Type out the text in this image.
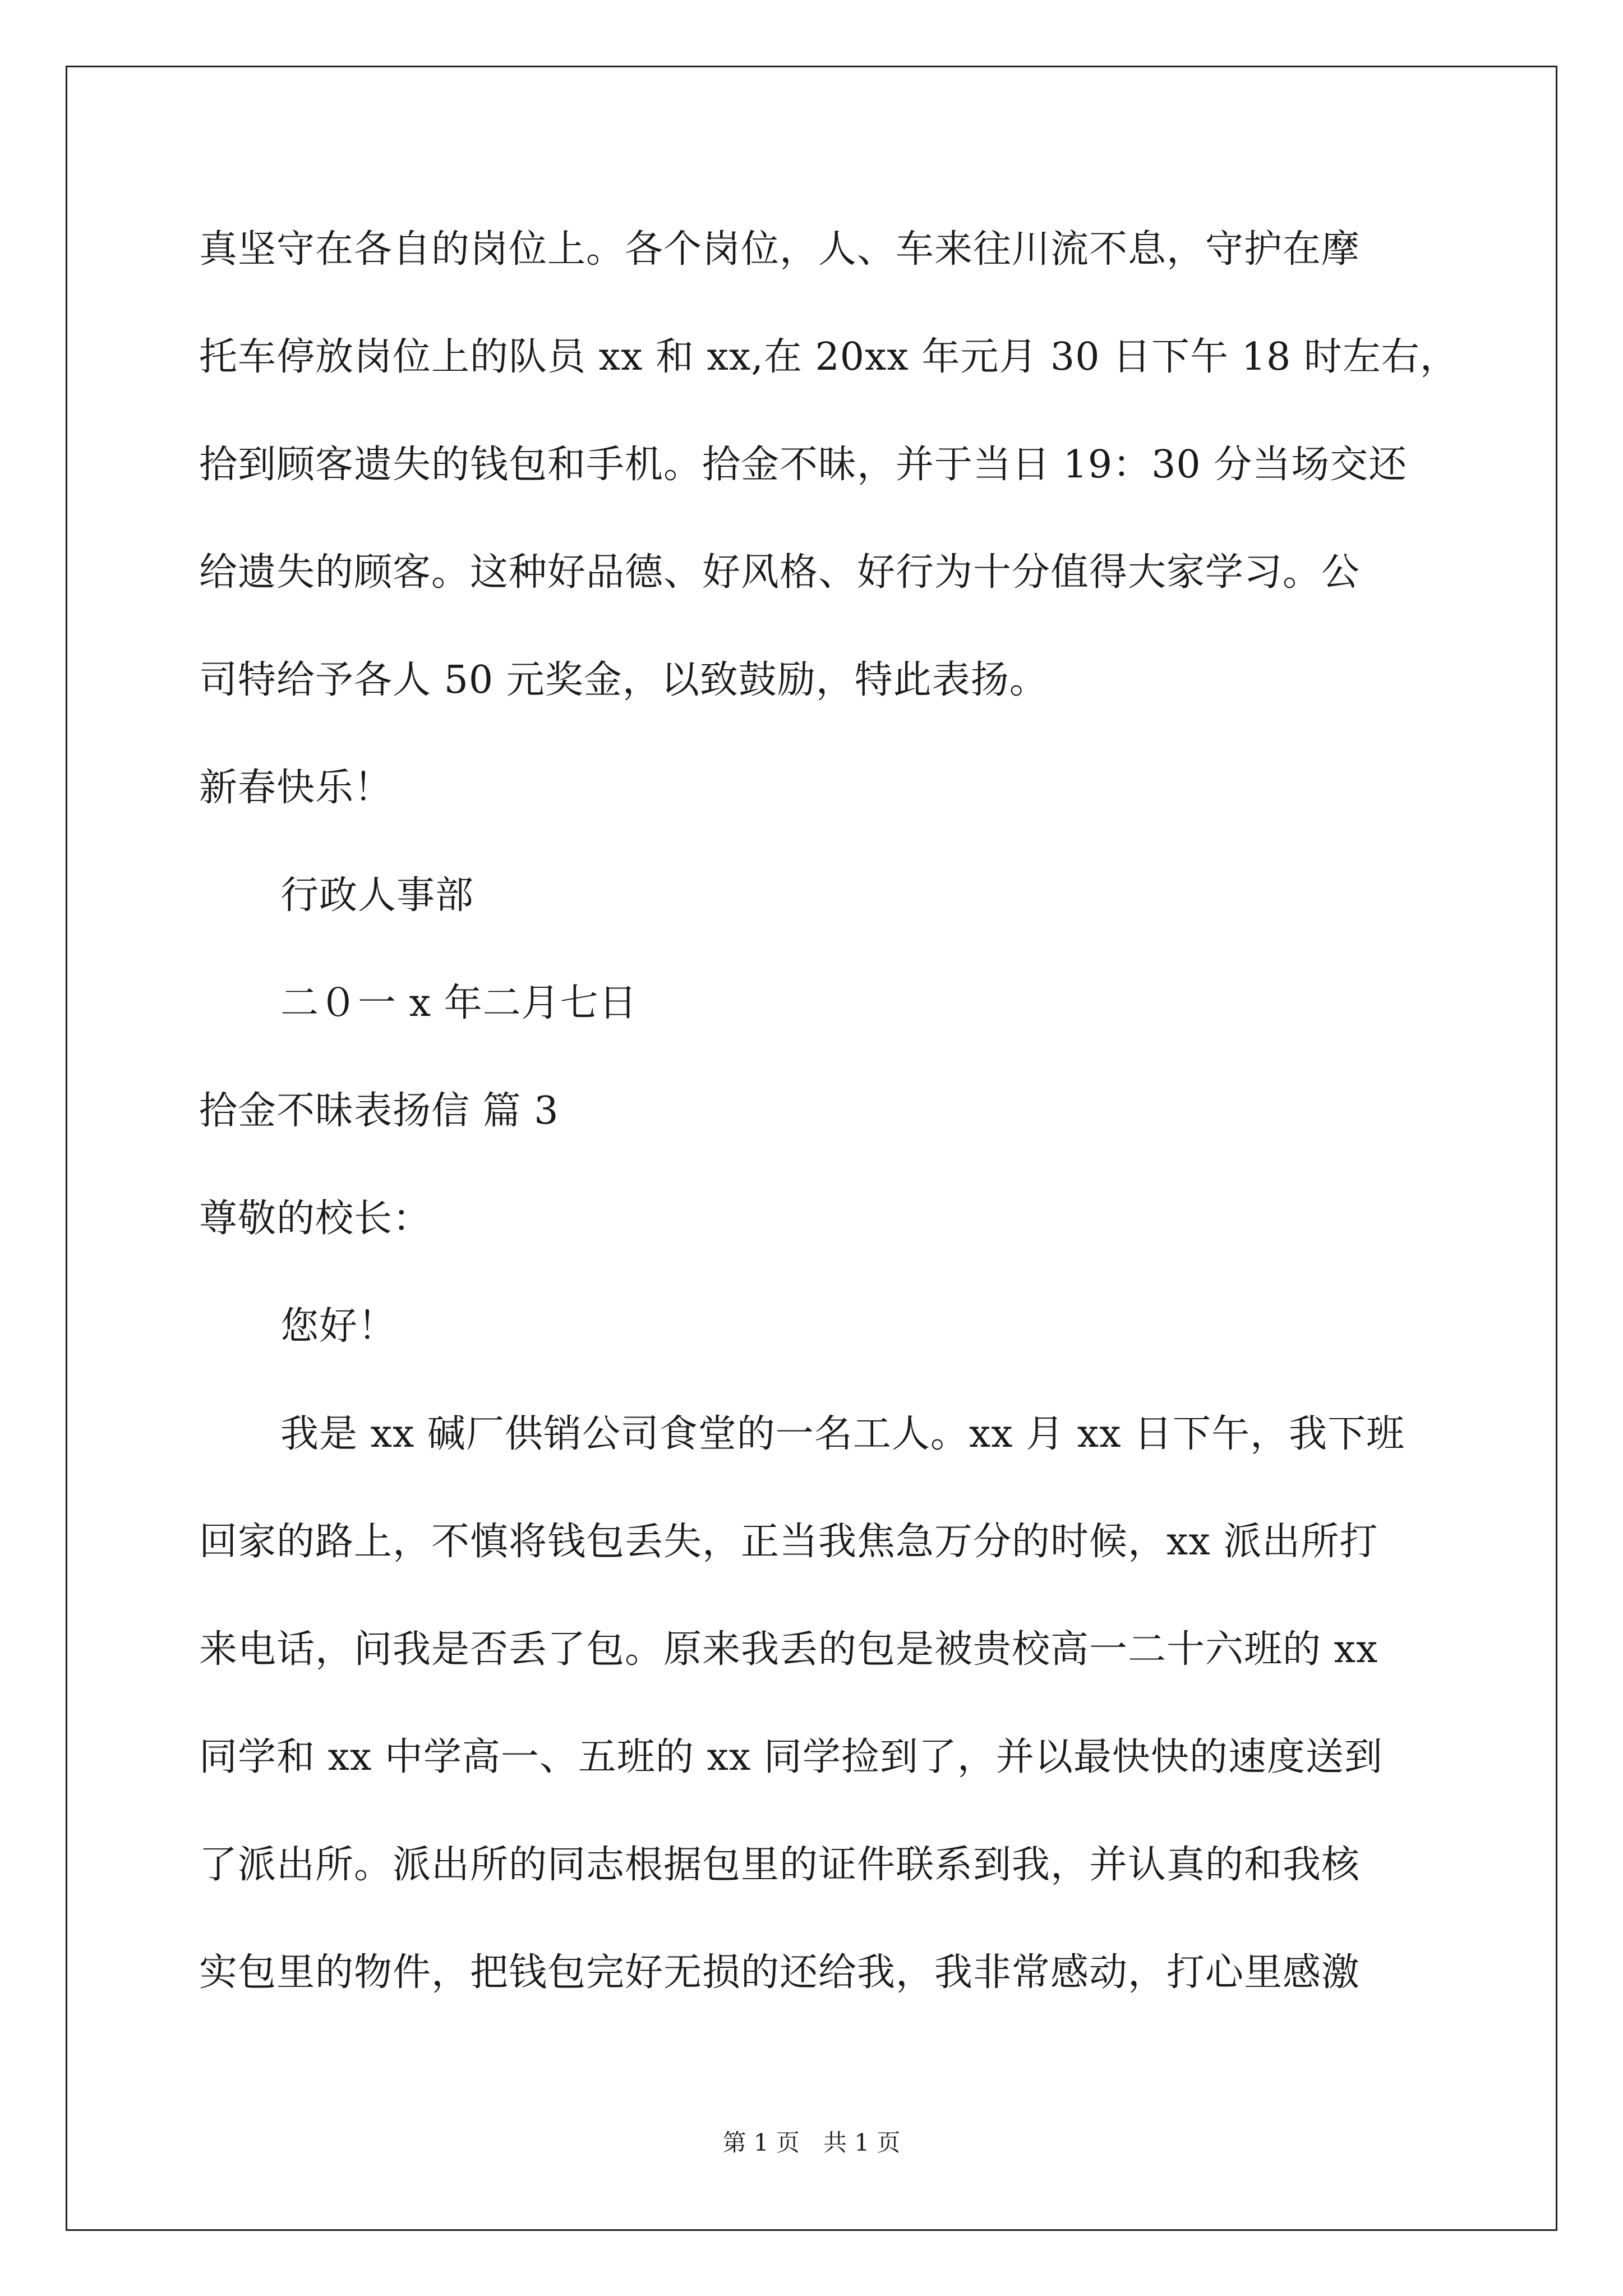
真坚守在各自的岗位上。各个岗位，人、车来往川流不息，守护在摩
托车停放岗位上的队员 xx 和 xx,在 20xx 年元月 30 日下午 18 时左右，
拾到顾客遗失的钱包和手机。拾金不昧，并于当日 19：30 分当场交还
给遗失的顾客。这种好品德、好风格、好行为十分值得大家学习。公
司特给予各人 50 元奖金，以致鼓励，特此表扬。
新春快乐！
行政人事部
二０一 x 年二月七日
拾金不昧表扬信 篇 3
尊敬的校长：
您好！
我是 xx 碱厂供销公司食堂的一名工人。xx 月 xx 日下午，我下班
回家的路上，不慎将钱包丢失，正当我焦急万分的时候，xx 派出所打
来电话，问我是否丢了包。原来我丢的包是被贵校高一二十六班的 xx
同学和 xx 中学高一、五班的 xx 同学捡到了，并以最快快的速度送到
了派出所。派出所的同志根据包里的证件联系到我，并认真的和我核
实包里的物件，把钱包完好无损的还给我，我非常感动，打心里感激
第 1 页　共 1 页
